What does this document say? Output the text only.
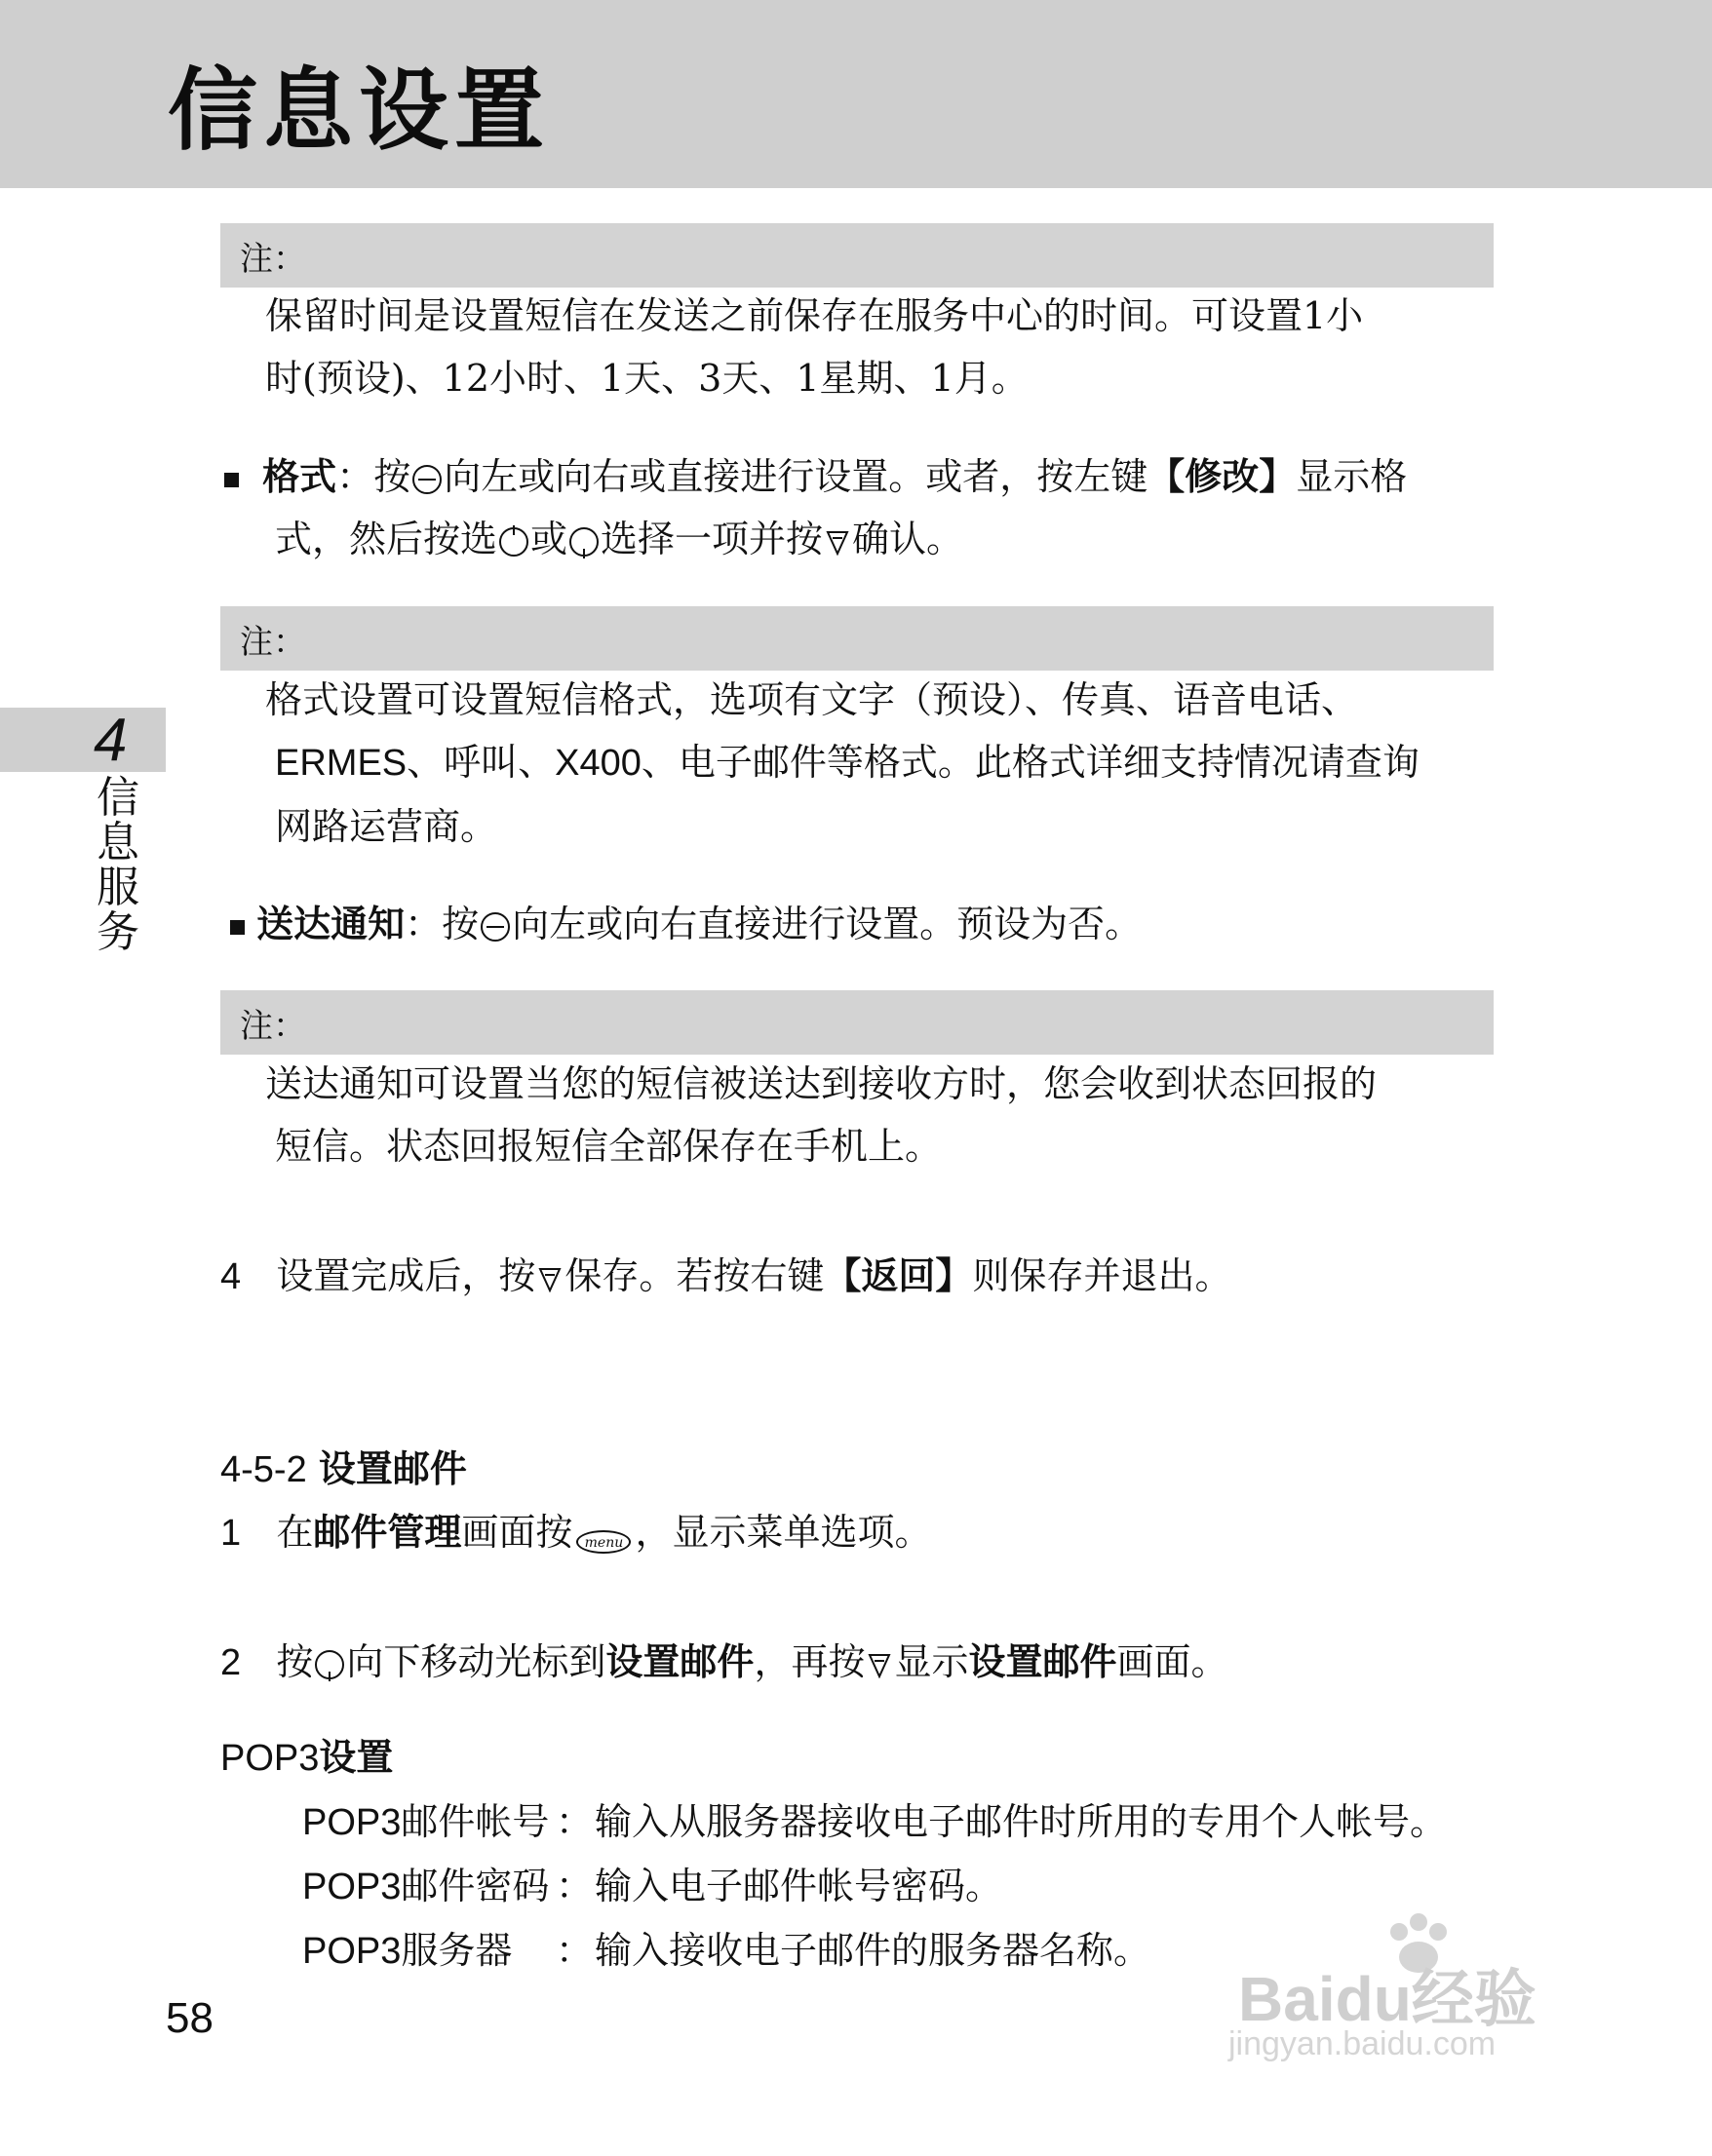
信息设置
4
信
息
服
务
注：
保留时间是设置短信在发送之前保存在服务中心的时间。可设置1小
时(预设)、12小时、1天、3天、1星期、1月。
格式：按 向左或向右或直接进行设置。或者，按左键【修改】显示格
式，然后按选 或 选择一项并按 确认。
注：
格式设置可设置短信格式，选项有文字（预设）、传真、语音电话、
ERMES、呼叫、X400、电子邮件等格式。此格式详细支持情况请查询
网路运营商。
送达通知：按 向左或向右直接进行设置。预设为否。
注：
送达通知可设置当您的短信被送达到接收方时，您会收到状态回报的
短信。状态回报短信全部保存在手机上。
4 设置完成后，按 保存。若按右键【返回】则保存并退出。
4-5-2 设置邮件
1 在邮件管理画面按 menu ，显示菜单选项。
2 按 向下移动光标到设置邮件，再按 显示设置邮件画面。
POP3设置
POP3邮件帐号 ：输入从服务器接收电子邮件时所用的专用个人帐号。
POP3邮件密码 ：输入电子邮件帐号密码。
POP3服务器 ：输入接收电子邮件的服务器名称。
58	Baidu经验
jingyan.baidu.com
